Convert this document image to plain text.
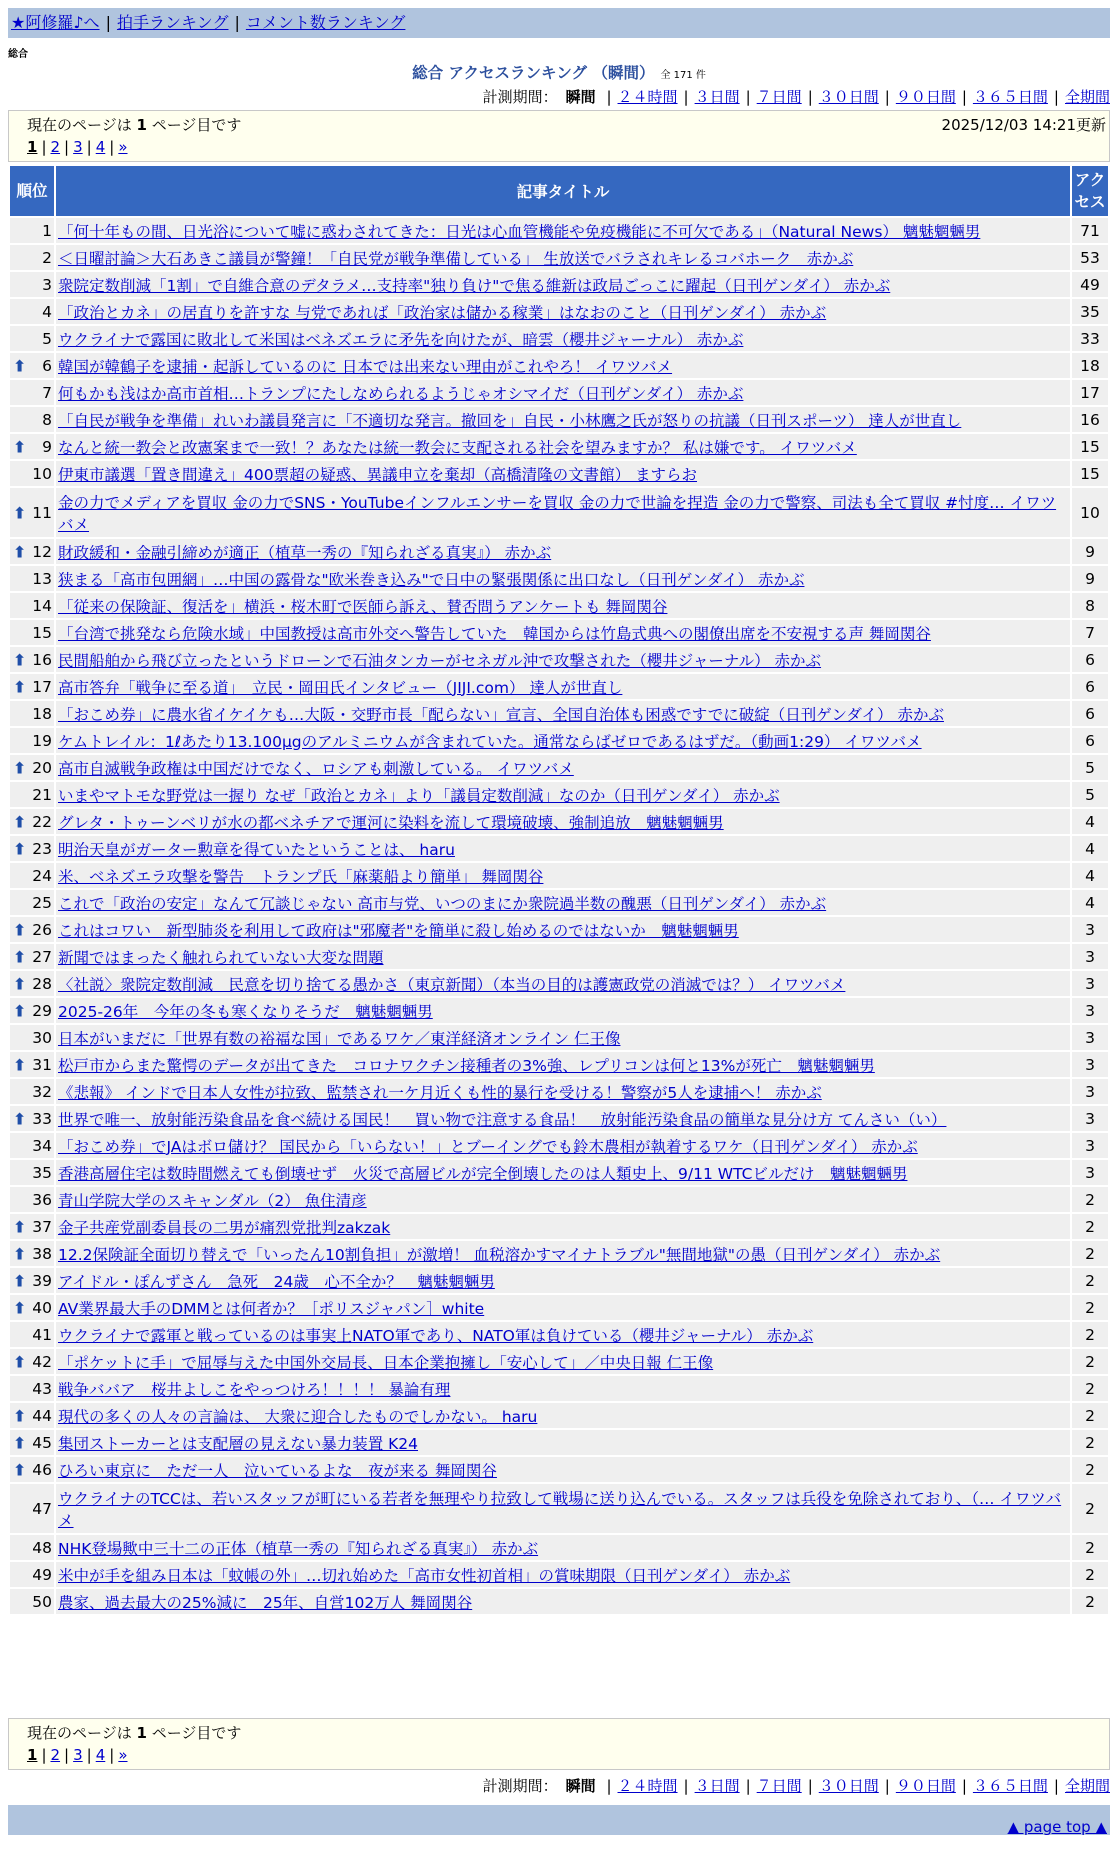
★阿修羅♪へ | 拍手ランキング | コメント数ランキング
総合
総合 アクセスランキング （瞬間） 全 171 件
計測期間： 瞬間 | ２４時間 | ３日間 | ７日間 | ３０日間 | ９０日間 | ３６５日間 | 全期間
現在のページは 1 ページ目です	2025/12/03 14:21更新
1 | 2 | 3 | 4 | »
順位	記事タイトル	アクセス
1	「何十年もの間、日光浴について嘘に惑わされてきた：日光は心血管機能や免疫機能に不可欠である」（Natural News） 魑魅魍魎男	71
2	＜日曜討論＞大石あきこ議員が警鐘！「自民党が戦争準備している」 生放送でバラされキレるコバホーク　赤かぶ	53
3	衆院定数削減「1割」で自維合意のデタラメ…支持率"独り負け"で焦る維新は政局ごっこに躍起（日刊ゲンダイ） 赤かぶ	49
4	「政治とカネ」の居直りを許すな 与党であれば「政治家は儲かる稼業」はなおのこと（日刊ゲンダイ） 赤かぶ	35
5	ウクライナで露国に敗北して米国はベネズエラに矛先を向けたが、暗雲（櫻井ジャーナル） 赤かぶ	33

⬆ 6	韓国が韓鶴子を逮捕・起訴しているのに 日本では出来ない理由がこれやろ！ イワツバメ	18
7	何もかも浅はか高市首相…トランプにたしなめられるようじゃオシマイだ（日刊ゲンダイ） 赤かぶ	17
8	「自民が戦争を準備」れいわ議員発言に「不適切な発言。撤回を」自民・小林鷹之氏が怒りの抗議（日刊スポーツ） 達人が世直し	16

⬆ 9	なんと統一教会と改憲案まで一致！？あなたは統一教会に支配される社会を望みますか？ 私は嫌です。 イワツバメ	15
10	伊東市議選「置き間違え」400票超の疑惑、異議申立を棄却（高橋清隆の文書館） ますらお	15

⬆ 11	金の力でメディアを買収 金の力でSNS・YouTubeインフルエンサーを買収 金の力で世論を捏造 金の力で警察、司法も全て買収 #忖度… イワツバメ	10

⬆ 12	財政緩和・金融引締めが適正（植草一秀の『知られざる真実』） 赤かぶ	9
13	狭まる「高市包囲網」…中国の露骨な"欧米巻き込み"で日中の緊張関係に出口なし（日刊ゲンダイ） 赤かぶ	9
14	「従来の保険証、復活を」横浜・桜木町で医師ら訴え、賛否問うアンケートも 舞岡関谷	8
15	「台湾で挑発なら危険水域」中国教授は高市外交へ警告していた　韓国からは竹島式典への閣僚出席を不安視する声 舞岡関谷	7

⬆ 16	民間船舶から飛び立ったというドローンで石油タンカーがセネガル沖で攻撃された（櫻井ジャーナル） 赤かぶ	6

⬆ 17	高市答弁「戦争に至る道」　立民・岡田氏インタビュー（JIJI.com） 達人が世直し	6
18	「おこめ券」に農水省イケイケも…大阪・交野市長「配らない」宣言、全国自治体も困惑ですでに破綻（日刊ゲンダイ） 赤かぶ	6
19	ケムトレイル：1ℓあたり13.100μgのアルミニウムが含まれていた。通常ならばゼロであるはずだ。（動画1:29） イワツバメ	6

⬆ 20	高市自滅戦争政権は中国だけでなく、ロシアも刺激している。 イワツバメ	5
21	いまやマトモな野党は一握り なぜ「政治とカネ」より「議員定数削減」なのか（日刊ゲンダイ） 赤かぶ	5

⬆ 22	グレタ・トゥーンベリが水の都ベネチアで運河に染料を流して環境破壊、強制追放　魑魅魍魎男	4

⬆ 23	明治天皇がガーター勲章を得ていたということは、 haru	4
24	米、ベネズエラ攻撃を警告　トランプ氏「麻薬船より簡単」 舞岡関谷	4
25	これで「政治の安定」なんて冗談じゃない 高市与党、いつのまにか衆院過半数の醜悪（日刊ゲンダイ） 赤かぶ	4

⬆ 26	これはコワい　新型肺炎を利用して政府は"邪魔者"を簡単に殺し始めるのではないか　魑魅魍魎男	3

⬆ 27	新聞ではまったく触れられていない大変な問題	3

⬆ 28	〈社説〉衆院定数削減　民意を切り捨てる愚かさ（東京新聞）（本当の目的は護憲政党の消滅では？） イワツバメ	3

⬆ 29	2025-26年　今年の冬も寒くなりそうだ　魑魅魍魎男	3
30	日本がいまだに「世界有数の裕福な国」であるワケ／東洋経済オンライン 仁王像	3

⬆ 31	松戸市からまた驚愕のデータが出てきた　コロナワクチン接種者の3%強、レプリコンは何と13%が死亡　魑魅魍魎男	3
32	《悲報》 インドで日本人女性が拉致、監禁され一ケ月近くも性的暴行を受ける！警察が5人を逮捕へ！ 赤かぶ	3

⬆ 33	世界で唯一、放射能汚染食品を食べ続ける国民！　買い物で注意する食品！　放射能汚染食品の簡単な見分け方 てんさい（い）	3
34	「おこめ券」でJAはボロ儲け？ 国民から「いらない！」とブーイングでも鈴木農相が執着するワケ（日刊ゲンダイ） 赤かぶ	3
35	香港高層住宅は数時間燃えても倒壊せず　火災で高層ビルが完全倒壊したのは人類史上、9/11 WTCビルだけ　魑魅魍魎男	3
36	青山学院大学のスキャンダル（2） 魚住清彦	2

⬆ 37	金子共産党副委員長の二男が痛烈党批判zakzak	2

⬆ 38	12.2保険証全面切り替えで「いったん10割負担」が激増！ 血税溶かすマイナトラブル"無間地獄"の愚（日刊ゲンダイ） 赤かぶ	2

⬆ 39	アイドル・ぽんずさん　急死　24歳　心不全か？　魑魅魍魎男	2

⬆ 40	AV業界最大手のDMMとは何者か？［ポリスジャパン］white	2
41	ウクライナで露軍と戦っているのは事実上NATO軍であり、NATO軍は負けている（櫻井ジャーナル） 赤かぶ	2

⬆ 42	「ポケットに手」で屈辱与えた中国外交局長、日本企業抱擁し「安心して」／中央日報 仁王像	2
43	戦争ババア　桜井よしこをやっつけろ！！！！ 暴論有理	2

⬆ 44	現代の多くの人々の言論は、 大衆に迎合したものでしかない。 haru	2

⬆ 45	集団ストーカーとは支配層の見えない暴力装置 K24	2

⬆ 46	ひろい東京に　ただ一人　泣いているよな　夜が来る 舞岡関谷	2
47	ウクライナのTCCは、若いスタッフが町にいる若者を無理やり拉致して戦場に送り込んでいる。スタッフは兵役を免除されており、（… イワツバメ	2
48	NHK登場歟中三十二の正体（植草一秀の『知られざる真実』） 赤かぶ	2
49	米中が手を組み日本は「蚊帳の外」…切れ始めた「高市女性初首相」の賞味期限（日刊ゲンダイ） 赤かぶ	2
50	農家、過去最大の25%減に　25年、自営102万人 舞岡関谷	2
現在のページは 1 ページ目です
1 | 2 | 3 | 4 | »
計測期間： 瞬間 | ２４時間 | ３日間 | ７日間 | ３０日間 | ９０日間 | ３６５日間 | 全期間
▲ page top ▲
